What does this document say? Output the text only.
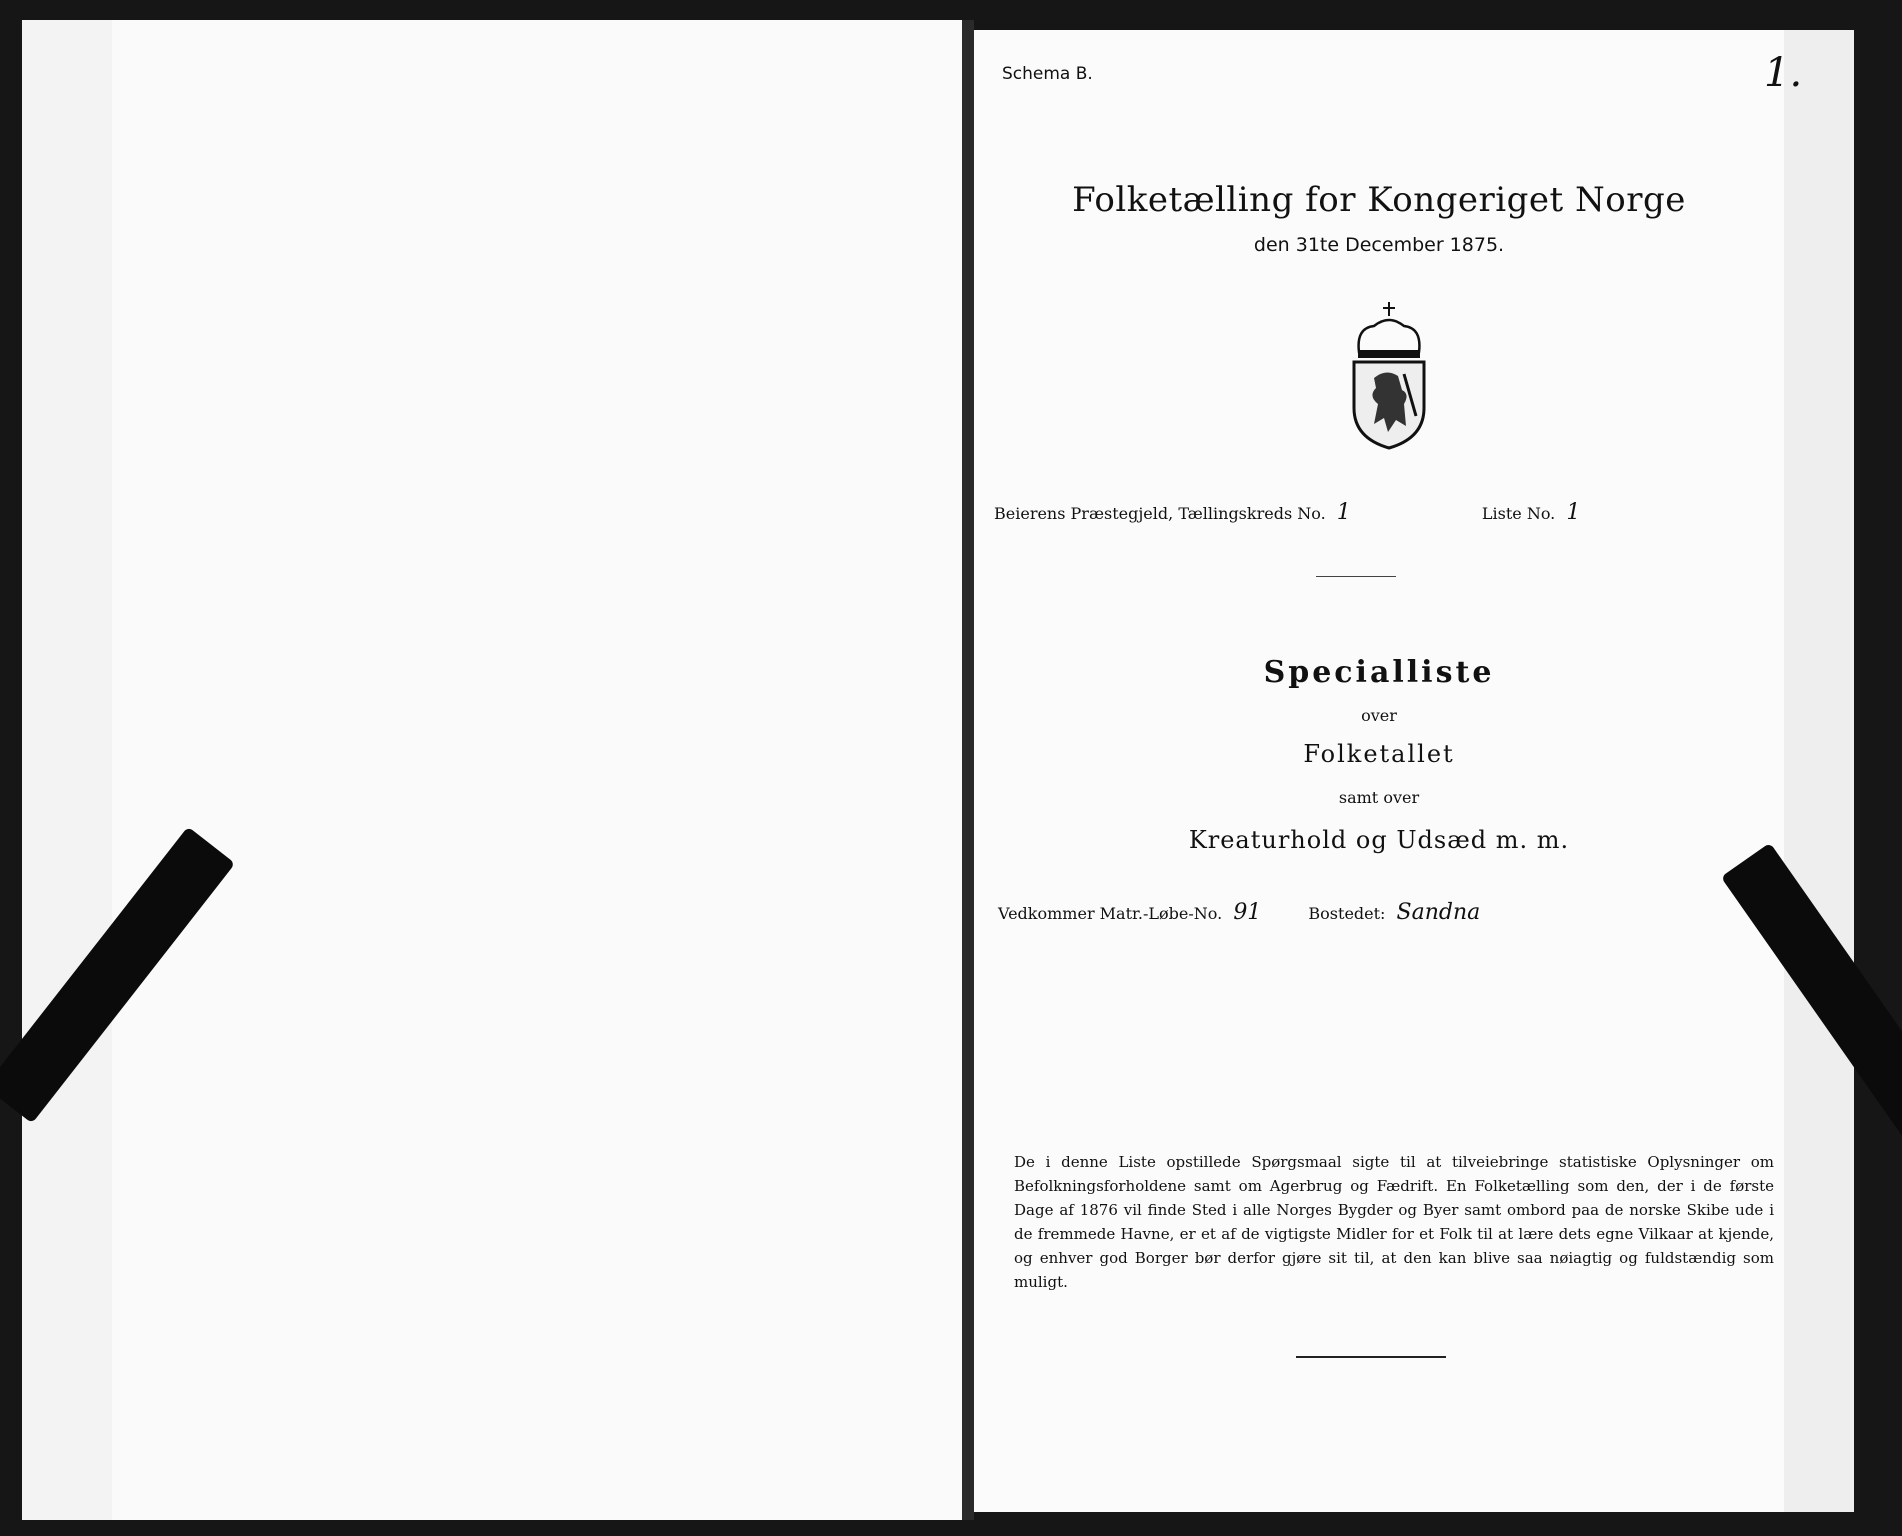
Schema B.	1.
Folketælling for Kongeriget Norge
den 31te December 1875.
Beierens Præstegjeld, Tællingskreds No. 1	Liste No. 1
Specialliste
over
Folketallet
samt over
Kreaturhold og Udsæd m. m.
Vedkommer Matr.-Løbe-No. 91	Bostedet: Sandna
De i denne Liste opstillede Spørgsmaal sigte til at tilveiebringe statistiske Oplysninger om Befolkningsforholdene samt om Agerbrug og Fædrift. En Folketælling som den, der i de første Dage af 1876 vil finde Sted i alle Norges Bygder og Byer samt ombord paa de norske Skibe ude i de fremmede Havne, er et af de vigtigste Midler for et Folk til at lære dets egne Vilkaar at kjende, og enhver god Borger bør derfor gjøre sit til, at den kan blive saa nøiagtig og fuldstændig som muligt.
